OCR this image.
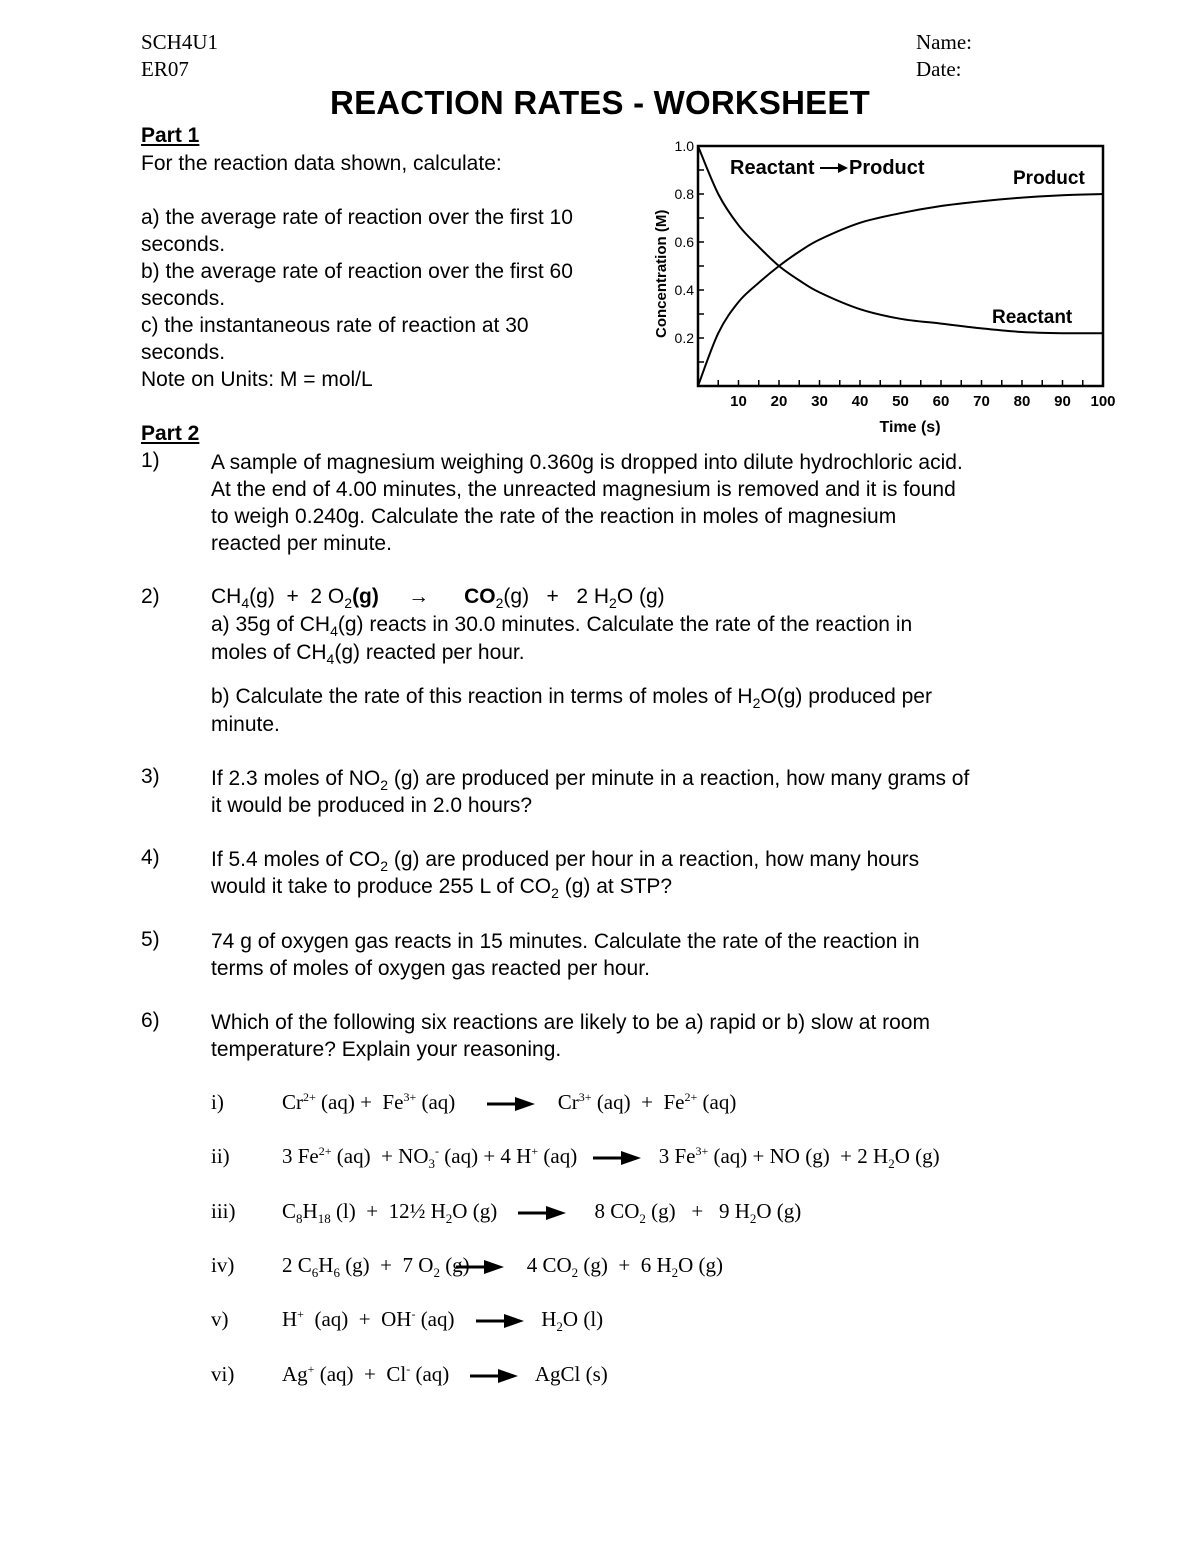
SCH4U1
ER07
Name:
Date:
REACTION RATES - WORKSHEET
Part 1
For the reaction data shown, calculate:
a) the average rate of reaction over the first 10
seconds.
b) the average rate of reaction over the first 60
seconds.
c) the instantaneous rate of reaction at 30
seconds.
Note on Units: M = mol/L
0.2
0.4
0.6
0.8
1.0
10 20 30 40 50 60 70 80 90 100
Reactant Product	Product
Reactant
Concentration (M)
Time (s)
Part 2
1) A sample of magnesium weighing 0.360g is dropped into dilute hydrochloric acid.
At the end of 4.00 minutes, the unreacted magnesium is removed and it is found
to weigh 0.240g. Calculate the rate of the reaction in moles of magnesium
reacted per minute.
2) $CH_4(g) + 2$ $O_2(g) \to CO_2(g) + 2$ $H_2O$ (g)
a) 35g of $CH_4(g)$ reacts in 30.0 minutes. Calculate the rate of the reaction in
moles of $CH_4(g)$ reacted per hour.
b) Calculate the rate of this reaction in terms of moles of $H_2O(g)$ produced per
minute.
3) If 2.3 moles of $NO_2$ (g) are produced per minute in a reaction, how many grams of
it would be produced in 2.0 hours?
4) If 5.4 moles of $CO_2$ (g) are produced per hour in a reaction, how many hours
would it take to produce 255 L of $CO_2$ (g) at STP?
5) 74 g of oxygen gas reacts in 15 minutes. Calculate the rate of the reaction in
terms of moles of oxygen gas reacted per hour.
6) Which of the following six reactions are likely to be a) rapid or b) slow at room
temperature? Explain your reasoning.
i)	$Cr^{2+}$ $(aq) + Fe^{3+}$ $(aq) \to Cr^{3+}$ $(aq) + Fe^{2+}$ (aq)
ii) 3 $Fe^{2+}$ $(aq) + NO_3^-$ (aq) + 4 H+ (aq) → 3 $Fe^{3+}$ (aq) + NO (g)  + 2 $H_2O$ (g)
iii) $C_8H_{18}$ (l)  +  12½ $H_2O$ (g) → 8 $CO_2$ (g)   +   9 $H_2O$ (g)
iv) 2 $C_6H_6$ (g)  +  7 $O_2$ (g) → 4 $CO_2$ (g)  +  6 $H_2O$ (g)
v)	H+  (aq)  +  OH- $(aq) \to H_2O$ (l)
vi) Ag+ (aq)  +  Cl- (aq) → AgCl (s)
